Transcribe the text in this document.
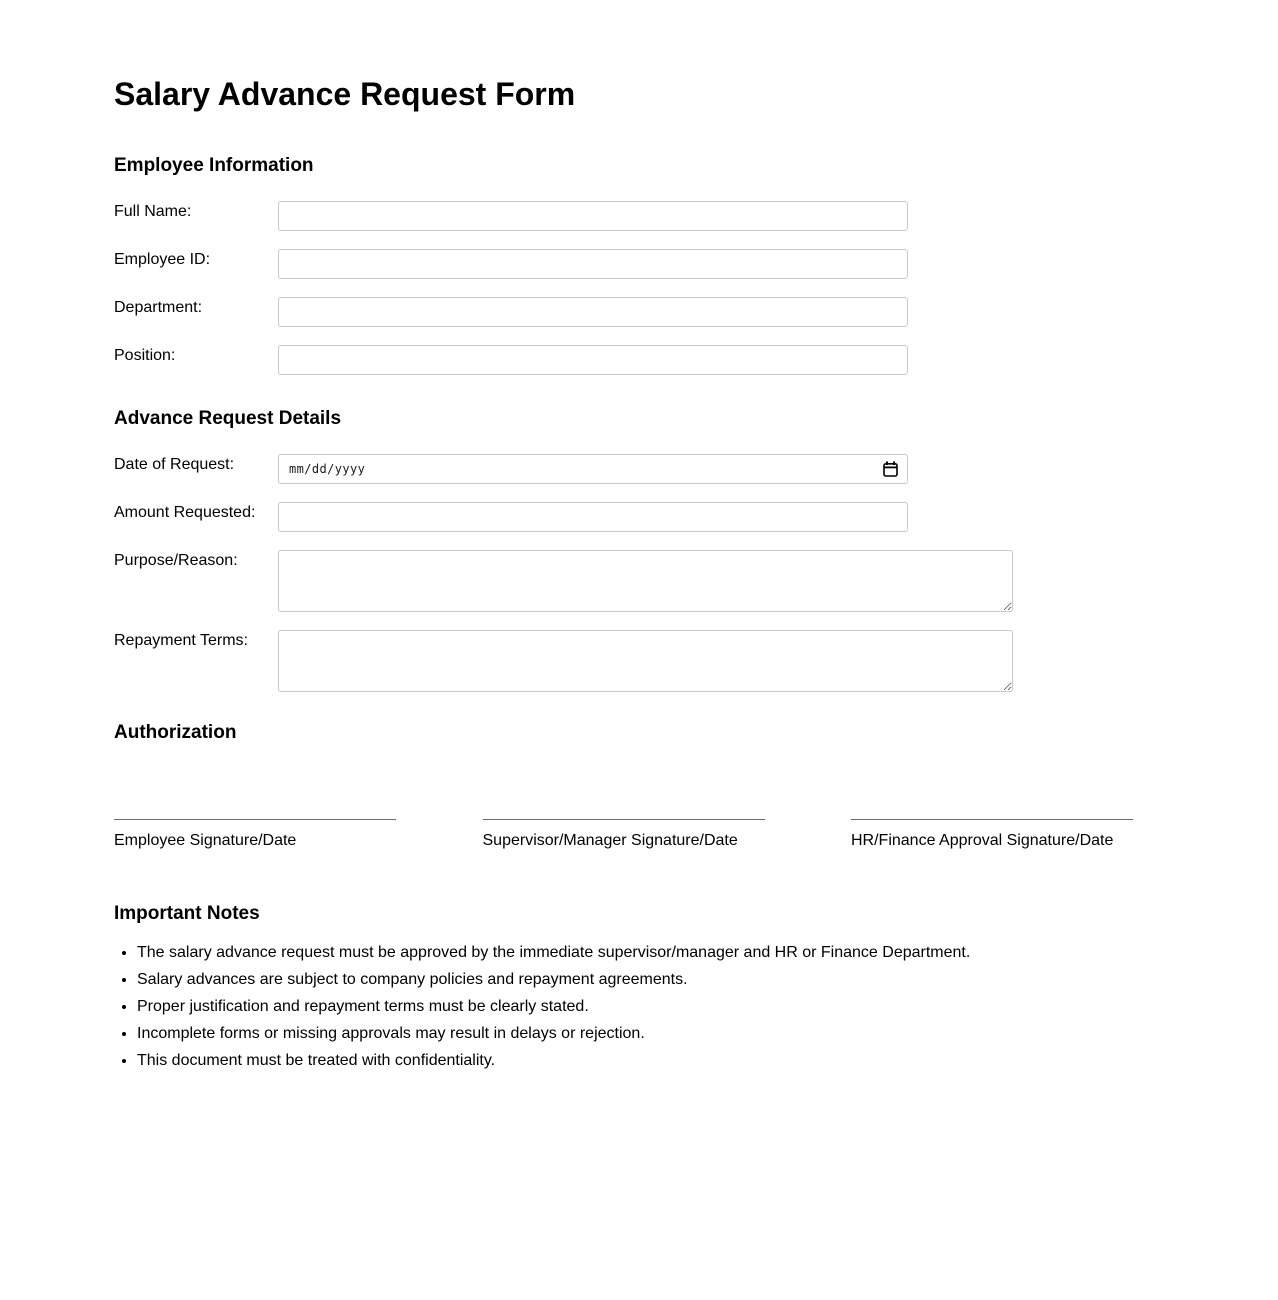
Salary Advance Request Form
Employee Information
Full Name:
Employee ID:
Department:
Position:
Advance Request Details
Date of Request:	mm/dd/yyyy
Amount Requested:
Purpose/Reason:
Repayment Terms:
Authorization
Employee Signature/Date	Supervisor/Manager Signature/Date	HR/Finance Approval Signature/Date
Important Notes
• The salary advance request must be approved by the immediate supervisor/manager and HR or Finance Department.
• Salary advances are subject to company policies and repayment agreements.
• Proper justification and repayment terms must be clearly stated.
• Incomplete forms or missing approvals may result in delays or rejection.
• This document must be treated with confidentiality.
